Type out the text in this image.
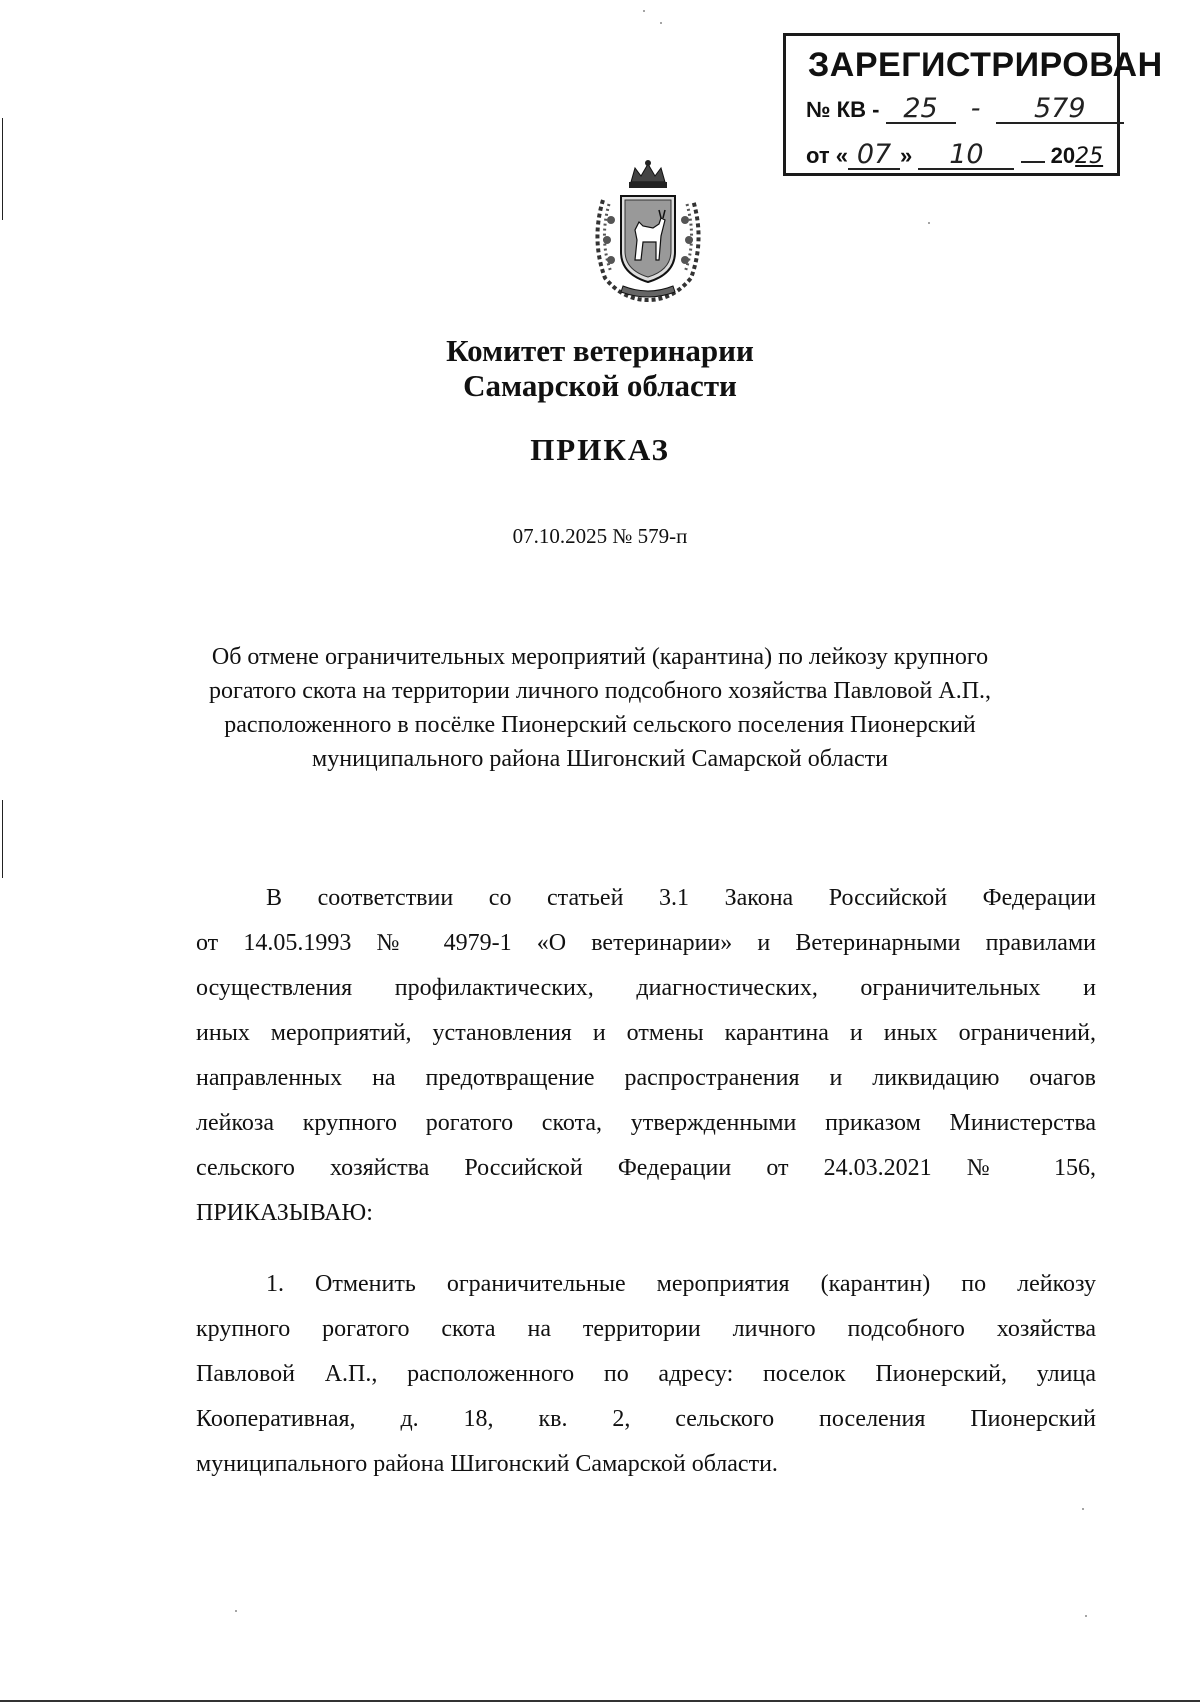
ЗАРЕГИСТРИРОВАН
№ КВ - 25 - 579
от « 07 » 10	2025
Комитет ветеринарии
Самарской области
ПРИКАЗ
07.10.2025 № 579-п
Об отмене ограничительных мероприятий (карантина) по лейкозу крупного
рогатого скота на территории личного подсобного хозяйства Павловой А.П.,
расположенного в посёлке Пионерский сельского поселения Пионерский
муниципального района Шигонский Самарской области
В соответствии со статьей 3.1 Закона Российской Федерации
от 14.05.1993 № 4979-1 «О ветеринарии» и Ветеринарными правилами
осуществления профилактических, диагностических, ограничительных и
иных мероприятий, установления и отмены карантина и иных ограничений,
направленных на предотвращение распространения и ликвидацию очагов
лейкоза крупного рогатого скота, утвержденными приказом Министерства
сельского хозяйства Российской Федерации от 24.03.2021 № 156,
ПРИКАЗЫВАЮ:
1. Отменить ограничительные мероприятия (карантин) по лейкозу
крупного рогатого скота на территории личного подсобного хозяйства
Павловой А.П., расположенного по адресу: поселок Пионерский, улица
Кооперативная, д. 18, кв. 2, сельского поселения Пионерский
муниципального района Шигонский Самарской области.
